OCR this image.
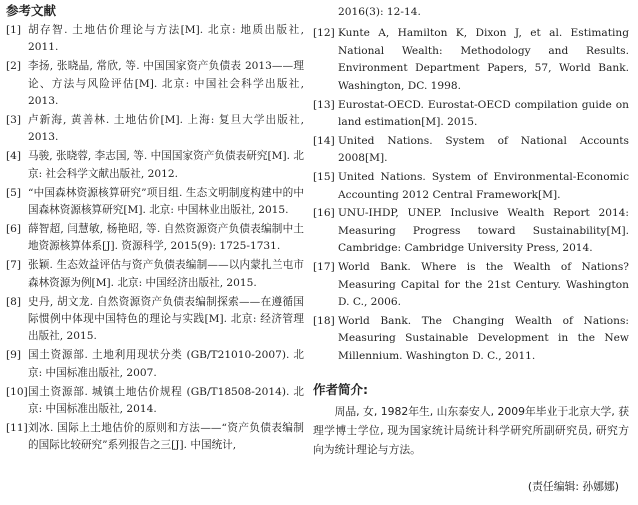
参考文献
[1] 胡存智. 土地估价理论与方法[M]. 北京: 地质出版社, 2011.
[2] 李扬, 张晓晶, 常欣, 等. 中国国家资产负债表 2013——理论、方法与风险评估[M]. 北京: 中国社会科学出版社, 2013.
[3] 卢新海, 黄善林. 土地估价[M]. 上海: 复旦大学出版社, 2013.
[4] 马骏, 张晓蓉, 李志国, 等. 中国国家资产负债表研究[M]. 北京: 社会科学文献出版社, 2012.
[5] “中国森林资源核算研究”项目组. 生态文明制度构建中的中国森林资源核算研究[M]. 北京: 中国林业出版社, 2015.
[6] 薛智超, 闫慧敏, 杨艳昭, 等. 自然资源资产负债表编制中土地资源核算体系[J]. 资源科学, 2015(9): 1725-1731.
[7] 张颖. 生态效益评估与资产负债表编制——以内蒙扎兰屯市森林资源为例[M]. 北京: 中国经济出版社, 2015.
[8] 史丹, 胡文龙. 自然资源资产负债表编制探索——在遵循国际惯例中体现中国特色的理论与实践[M]. 北京: 经济管理出版社, 2015.
[9] 国土资源部. 土地利用现状分类 (GB/T21010-2007). 北京: 中国标准出版社, 2007.
[10] 国土资源部. 城镇土地估价规程 (GB/T18508-2014). 北京: 中国标准出版社, 2014.
[11] 刘冰. 国际上土地估价的原则和方法——“资产负债表编制的国际比较研究”系列报告之三[J]. 中国统计,
2016(3): 12-14.
[12] Kunte A, Hamilton K, Dixon J, et al. Estimating National Wealth: Methodology and Results. Environment Department Papers, 57, World Bank. Washington, DC. 1998.
[13] Eurostat-OECD. Eurostat-OECD compilation guide on land estimation[M]. 2015.
[14] United Nations. System of National Accounts 2008[M].
[15] United Nations. System of Environmental-Economic Accounting 2012 Central Framework[M].
[16] UNU-IHDP, UNEP. Inclusive Wealth Report 2014: Measuring Progress toward Sustainability[M]. Cambridge: Cambridge University Press, 2014.
[17] World Bank. Where is the Wealth of Nations? Measuring Capital for the 21st Century. Washington D. C., 2006.
[18] World Bank. The Changing Wealth of Nations: Measuring Sustainable Development in the New Millennium. Washington D. C., 2011.
作者简介:

周晶, 女, 1982年生, 山东泰安人, 2009年毕业于北京大学, 获理学博士学位, 现为国家统计局统计科学研究所副研究员, 研究方向为统计理论与方法。

(责任编辑: 孙娜娜)
